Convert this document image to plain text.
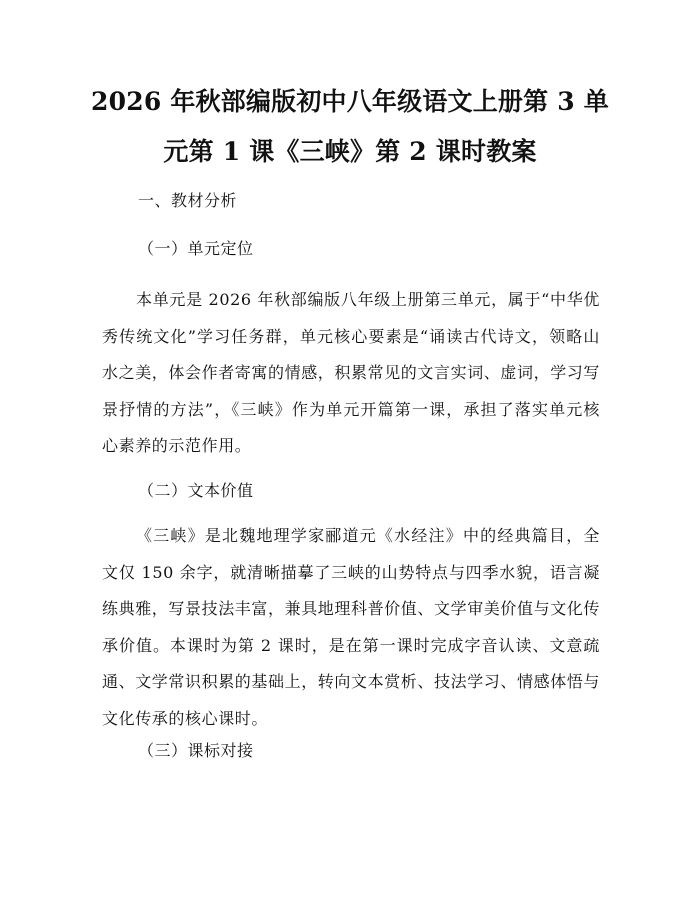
2026 年秋部编版初中八年级语文上册第 3 单
元第 1 课《三峡》第 2 课时教案
一、教材分析
（一）单元定位
本单元是 2026 年秋部编版八年级上册第三单元，属于“中华优秀传统文化”学习任务群，单元核心要素是“诵读古代诗文，领略山水之美，体会作者寄寓的情感，积累常见的文言实词、虚词，学习写景抒情的方法”，《三峡》作为单元开篇第一课，承担了落实单元核心素养的示范作用。
（二）文本价值
《三峡》是北魏地理学家郦道元《水经注》中的经典篇目，全文仅 150 余字，就清晰描摹了三峡的山势特点与四季水貌，语言凝练典雅，写景技法丰富，兼具地理科普价值、文学审美价值与文化传承价值。本课时为第 2 课时，是在第一课时完成字音认读、文意疏通、文学常识积累的基础上，转向文本赏析、技法学习、情感体悟与文化传承的核心课时。
（三）课标对接
